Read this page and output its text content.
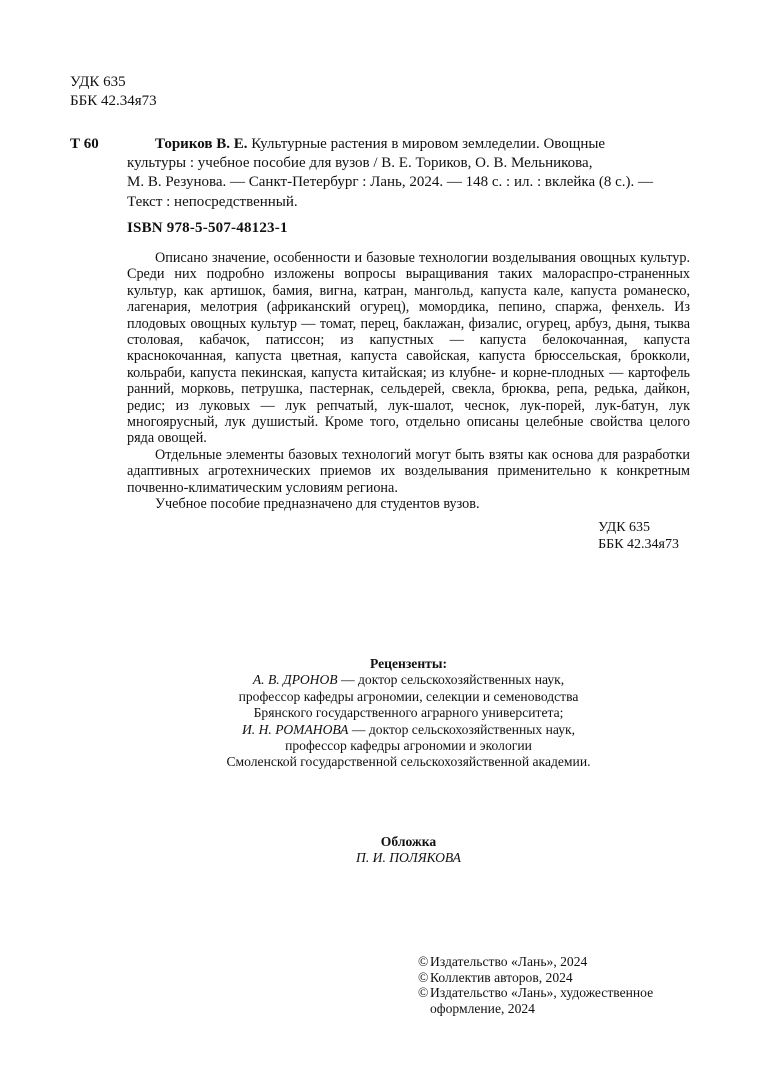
УДК 635
ББК 42.34я73
Т 60	Ториков В. Е. Культурные растения в мировом земледелии. Овощные
культуры : учебное пособие для вузов / В. Е. Ториков, О. В. Мельникова,
М. В. Резунова. — Санкт-Петербург : Лань, 2024. — 148 с. : ил. : вклейка (8 с.). —
Текст : непосредственный.
ISBN 978-5-507-48123-1

Описано значение, особенности и базовые технологии возделывания овощных культур. Среди них подробно изложены вопросы выращивания таких малораспро-страненных культур, как артишок, бамия, вигна, катран, мангольд, капуста кале, капуста романеско, лагенария, мелотрия (африканский огурец), момордика, пепино, спаржа, фенхель. Из плодовых овощных культур — томат, перец, баклажан, физалис, огурец, арбуз, дыня, тыква столовая, кабачок, патиссон; из капустных — капуста белокочанная, капуста краснокочанная, капуста цветная, капуста савойская, капуста брюссельская, брокколи, кольраби, капуста пекинская, капуста китайская; из клубне- и корне-плодных — картофель ранний, морковь, петрушка, пастернак, сельдерей, свекла, брюква, репа, редька, дайкон, редис; из луковых — лук репчатый, лук-шалот, чеснок, лук-порей, лук-батун, лук многоярусный, лук душистый. Кроме того, отдельно описаны целебные свойства целого ряда овощей.

Отдельные элементы базовых технологий могут быть взяты как основа для разработки адаптивных агротехнических приемов их возделывания применительно к конкретным почвенно-климатическим условиям региона.

Учебное пособие предназначено для студентов вузов.

УДК 635
ББК 42.34я73
Рецензенты:
А. В. ДРОНОВ — доктор сельскохозяйственных наук,
профессор кафедры агрономии, селекции и семеноводства
Брянского государственного аграрного университета;
И. Н. РОМАНОВА — доктор сельскохозяйственных наук,
профессор кафедры агрономии и экологии
Смоленской государственной сельскохозяйственной академии.
Обложка
П. И. ПОЛЯКОВА
© Издательство «Лань», 2024
© Коллектив авторов, 2024
© Издательство «Лань», художественное оформление, 2024
